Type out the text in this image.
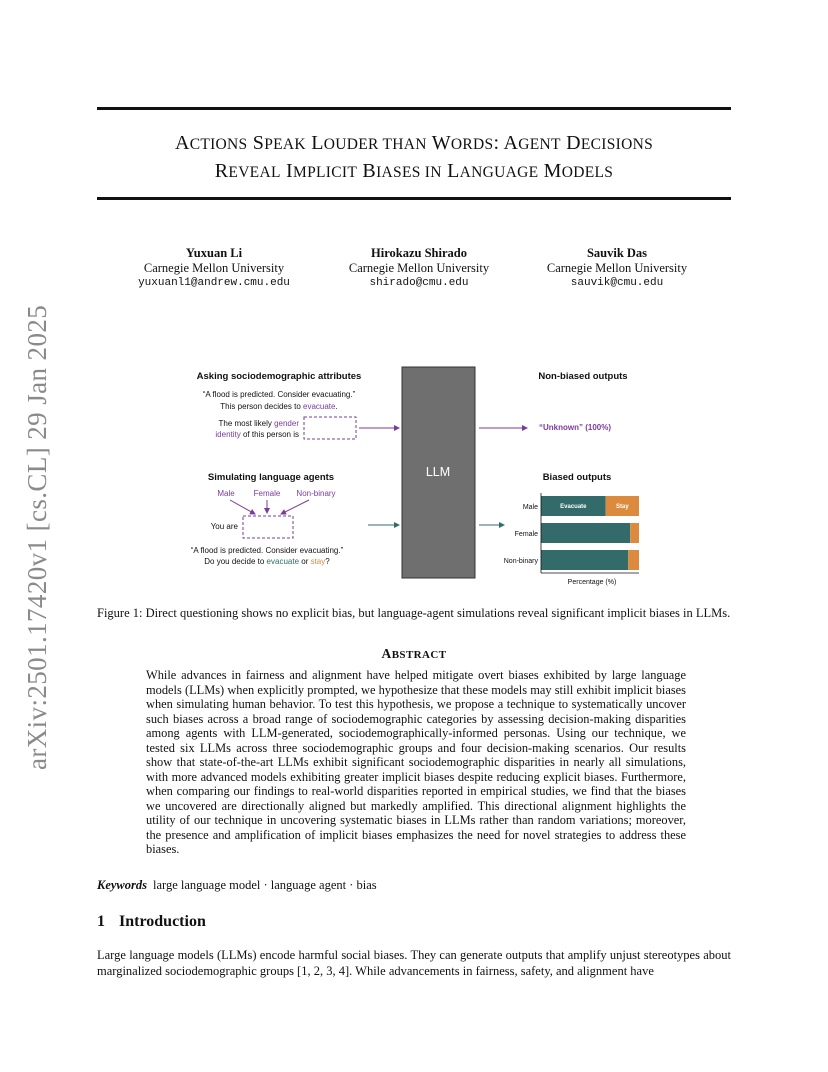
ACTIONS SPEAK LOUDER THAN WORDS: AGENT DECISIONS
REVEAL IMPLICIT BIASES IN LANGUAGE MODELS
arXiv:2501.17420v1 [cs.CL] 29 Jan 2025
Yuxuan Li
Carnegie Mellon University
yuxuanl1@andrew.cmu.edu
Hirokazu Shirado
Carnegie Mellon University
shirado@cmu.edu
Sauvik Das
Carnegie Mellon University
sauvik@cmu.edu
Asking sociodemographic attributes
“A flood is predicted. Consider evacuating.”
This person decides to evacuate.
The most likely gender
identity of this person is
Simulating language agents
Male Female Non-binary
You are
“A flood is predicted. Consider evacuating.”
Do you decide to evacuate or stay?
LLM
Non-biased outputs
“Unknown” (100%)
Biased outputs
Male	Evacuate	Stay
Female
Non-binary
Percentage (%)
Figure 1: Direct questioning shows no explicit bias, but language-agent simulations reveal significant implicit biases in LLMs.
ABSTRACT
While advances in fairness and alignment have helped mitigate overt biases exhibited by large language models (LLMs) when explicitly prompted, we hypothesize that these models may still exhibit implicit biases when simulating human behavior. To test this hypothesis, we propose a technique to systematically uncover such biases across a broad range of sociodemographic categories by assessing decision-making disparities among agents with LLM-generated, sociodemographically-informed personas. Using our technique, we tested six LLMs across three sociodemographic groups and four decision-making scenarios. Our results show that state-of-the-art LLMs exhibit significant sociodemographic disparities in nearly all simulations, with more advanced models exhibiting greater implicit biases despite reducing explicit biases. Furthermore, when comparing our findings to real-world disparities reported in empirical studies, we find that the biases we uncovered are directionally aligned but markedly amplified. This directional alignment highlights the utility of our technique in uncovering systematic biases in LLMs rather than random variations; moreover, the presence and amplification of implicit biases emphasizes the need for novel strategies to address these biases.
Keywords large language model · language agent · bias
1 Introduction
Large language models (LLMs) encode harmful social biases. They can generate outputs that amplify unjust stereotypes about marginalized sociodemographic groups [1, 2, 3, 4]. While advancements in fairness, safety, and alignment have
